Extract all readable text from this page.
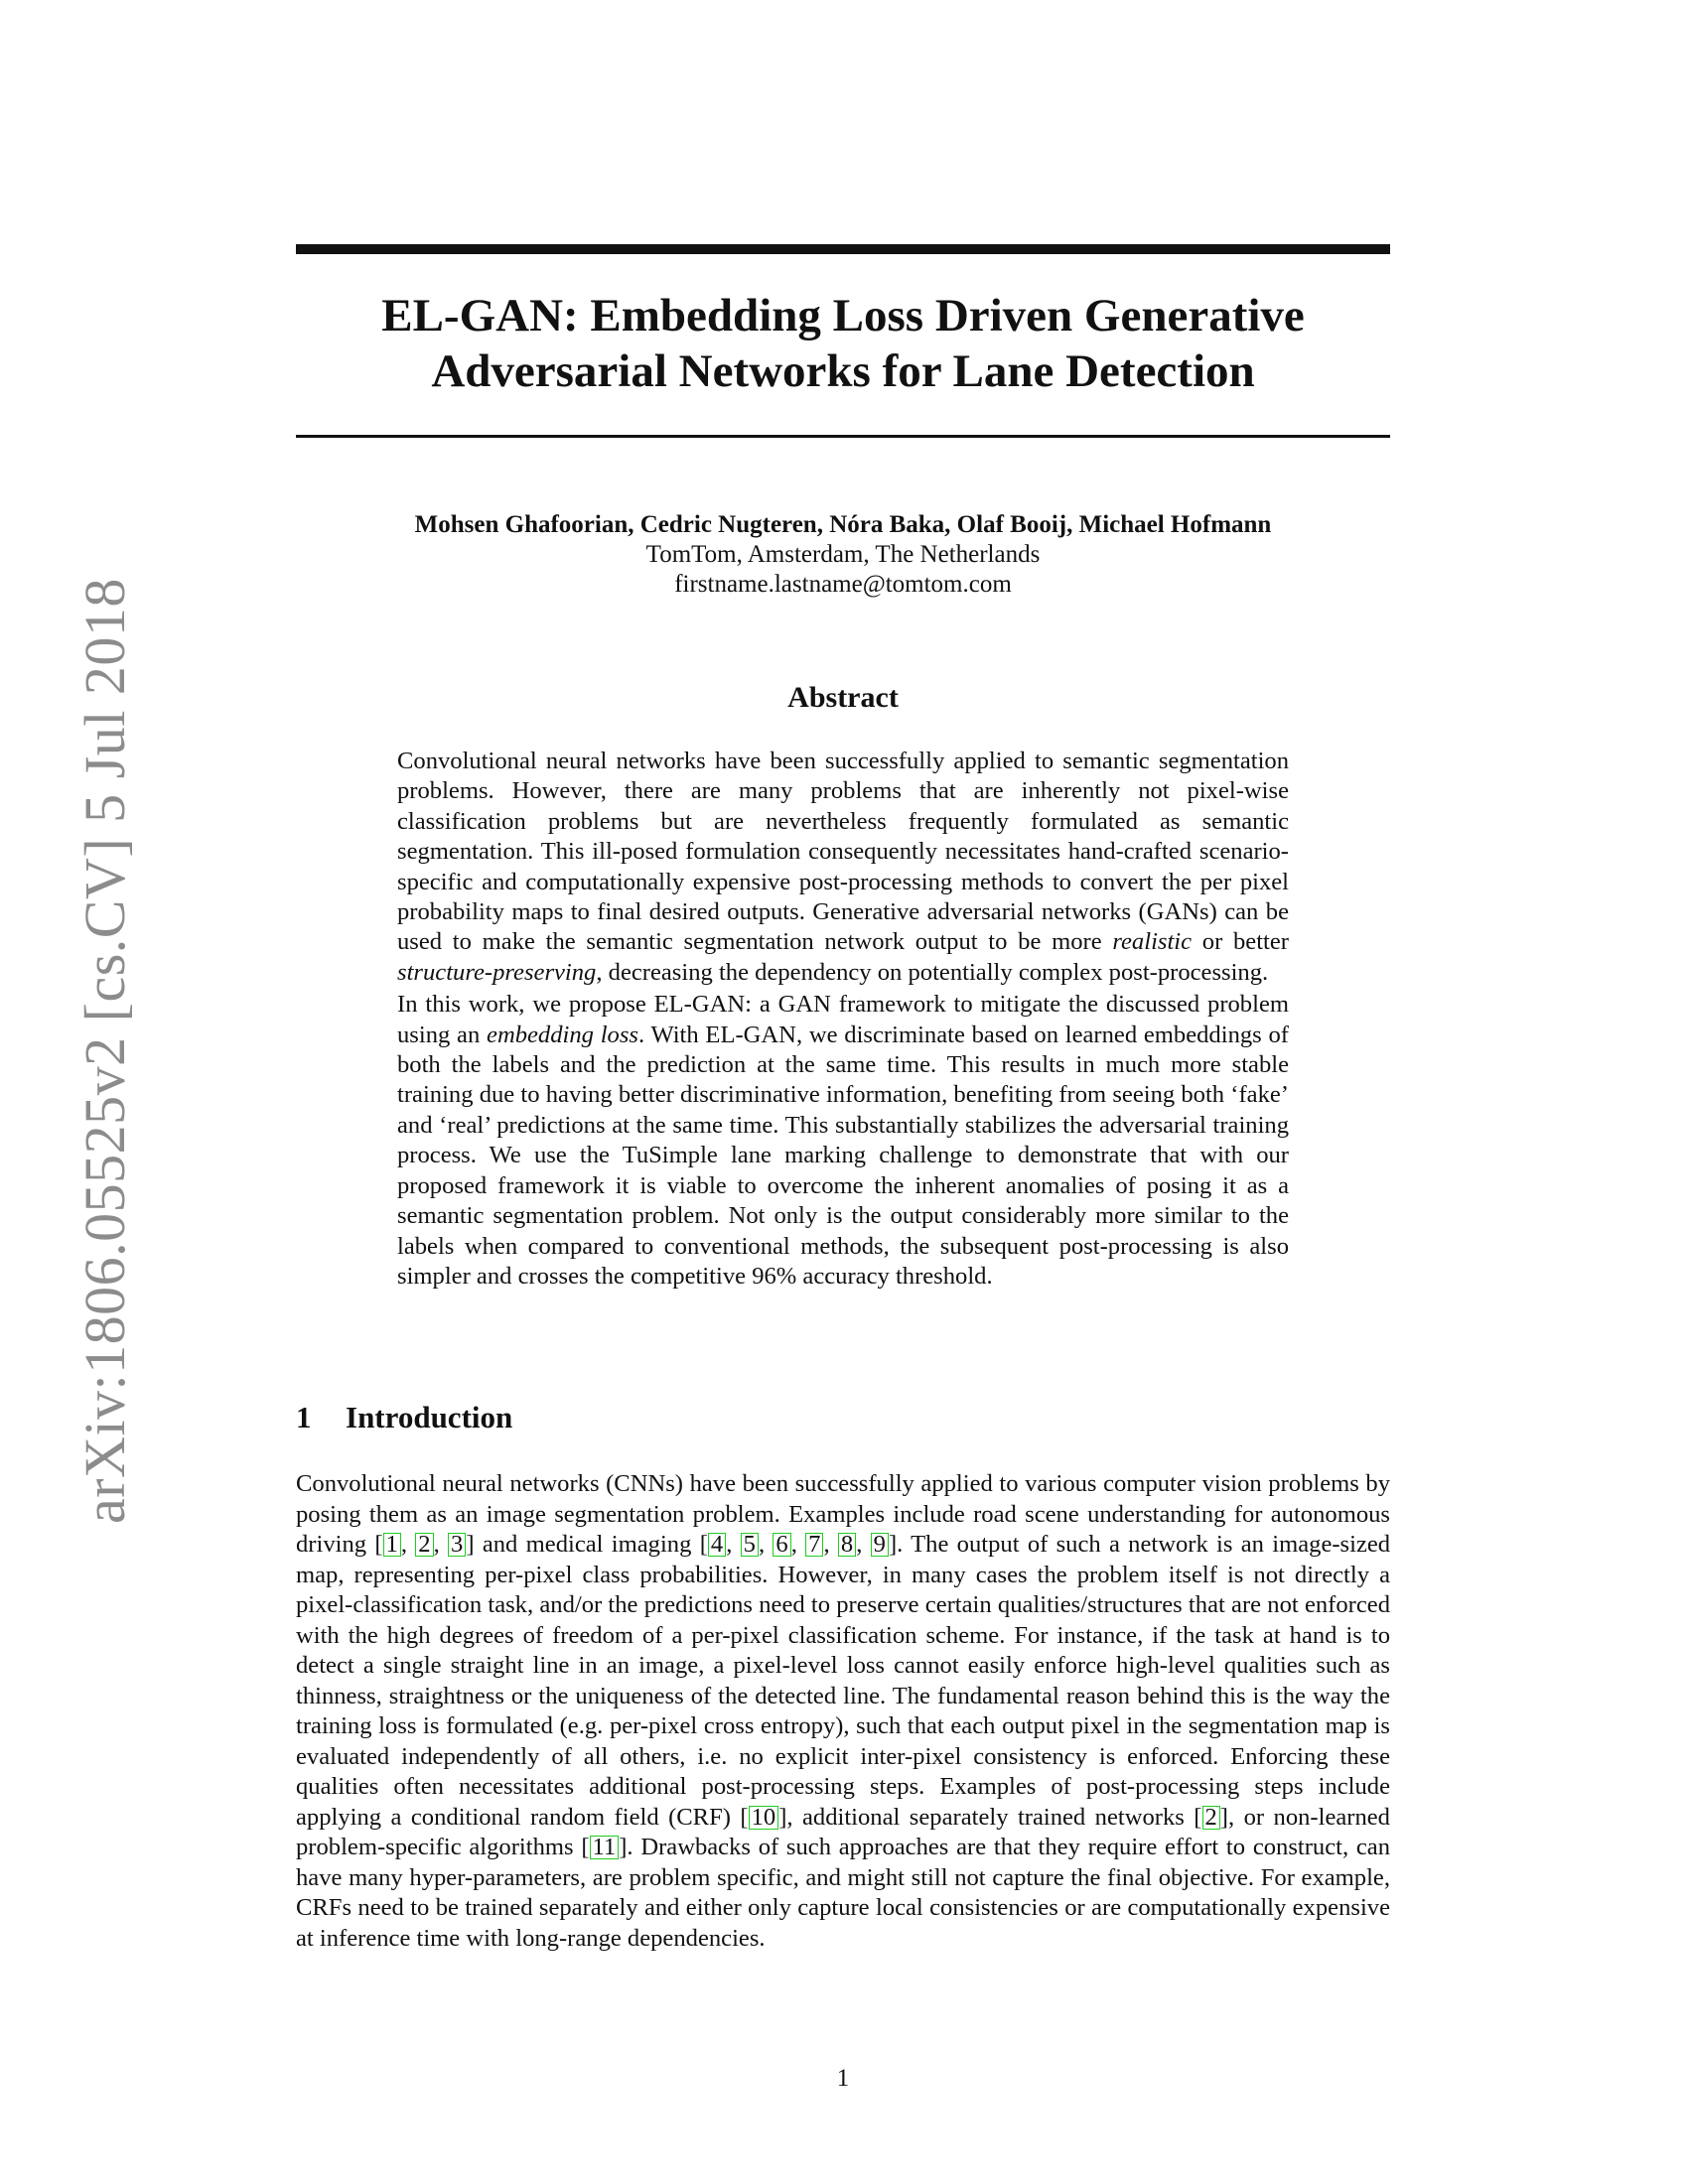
arXiv:1806.05525v2 [cs.CV] 5 Jul 2018
EL-GAN: Embedding Loss Driven Generative
Adversarial Networks for Lane Detection
Mohsen Ghafoorian, Cedric Nugteren, Nóra Baka, Olaf Booij, Michael Hofmann
TomTom, Amsterdam, The Netherlands
firstname.lastname@tomtom.com
Abstract

Convolutional neural networks have been successfully applied to semantic segmentation problems. However, there are many problems that are inherently not pixel-wise classification problems but are nevertheless frequently formulated as semantic segmentation. This ill-posed formulation consequently necessitates hand-crafted scenario-specific and computationally expensive post-processing methods to convert the per pixel probability maps to final desired outputs. Generative adversarial networks (GANs) can be used to make the semantic segmentation network output to be more realistic or better structure-preserving, decreasing the dependency on potentially complex post-processing.

In this work, we propose EL-GAN: a GAN framework to mitigate the discussed problem using an embedding loss. With EL-GAN, we discriminate based on learned embeddings of both the labels and the prediction at the same time. This results in much more stable training due to having better discriminative information, benefiting from seeing both ‘fake’ and ‘real’ predictions at the same time. This substantially stabilizes the adversarial training process. We use the TuSimple lane marking challenge to demonstrate that with our proposed framework it is viable to overcome the inherent anomalies of posing it as a semantic segmentation problem. Not only is the output considerably more similar to the labels when compared to conventional methods, the subsequent post-processing is also simpler and crosses the competitive 96% accuracy threshold.

1 Introduction

Convolutional neural networks (CNNs) have been successfully applied to various computer vision problems by posing them as an image segmentation problem. Examples include road scene understanding for autonomous driving [ 1 , 2 , 3 ] and medical imaging [ 4 , 5 , 6 , 7 , 8 , 9 ]. The output of such a network is an image-sized map, representing per-pixel class probabilities. However, in many cases the problem itself is not directly a pixel-classification task, and/or the predictions need to preserve certain qualities/structures that are not enforced with the high degrees of freedom of a per-pixel classification scheme. For instance, if the task at hand is to detect a single straight line in an image, a pixel-level loss cannot easily enforce high-level qualities such as thinness, straightness or the uniqueness of the detected line. The fundamental reason behind this is the way the training loss is formulated (e.g. per-pixel cross entropy), such that each output pixel in the segmentation map is evaluated independently of all others, i.e. no explicit inter-pixel consistency is enforced. Enforcing these qualities often necessitates additional post-processing steps. Examples of post-processing steps include applying a conditional random field (CRF) [ 10 ], additional separately trained networks [ 2 ], or non-learned problem-specific algorithms [ 11 ]. Drawbacks of such approaches are that they require effort to construct, can have many hyper-parameters, are problem specific, and might still not capture the final objective. For example, CRFs need to be trained separately and either only capture local consistencies or are computationally expensive at inference time with long-range dependencies.

1
